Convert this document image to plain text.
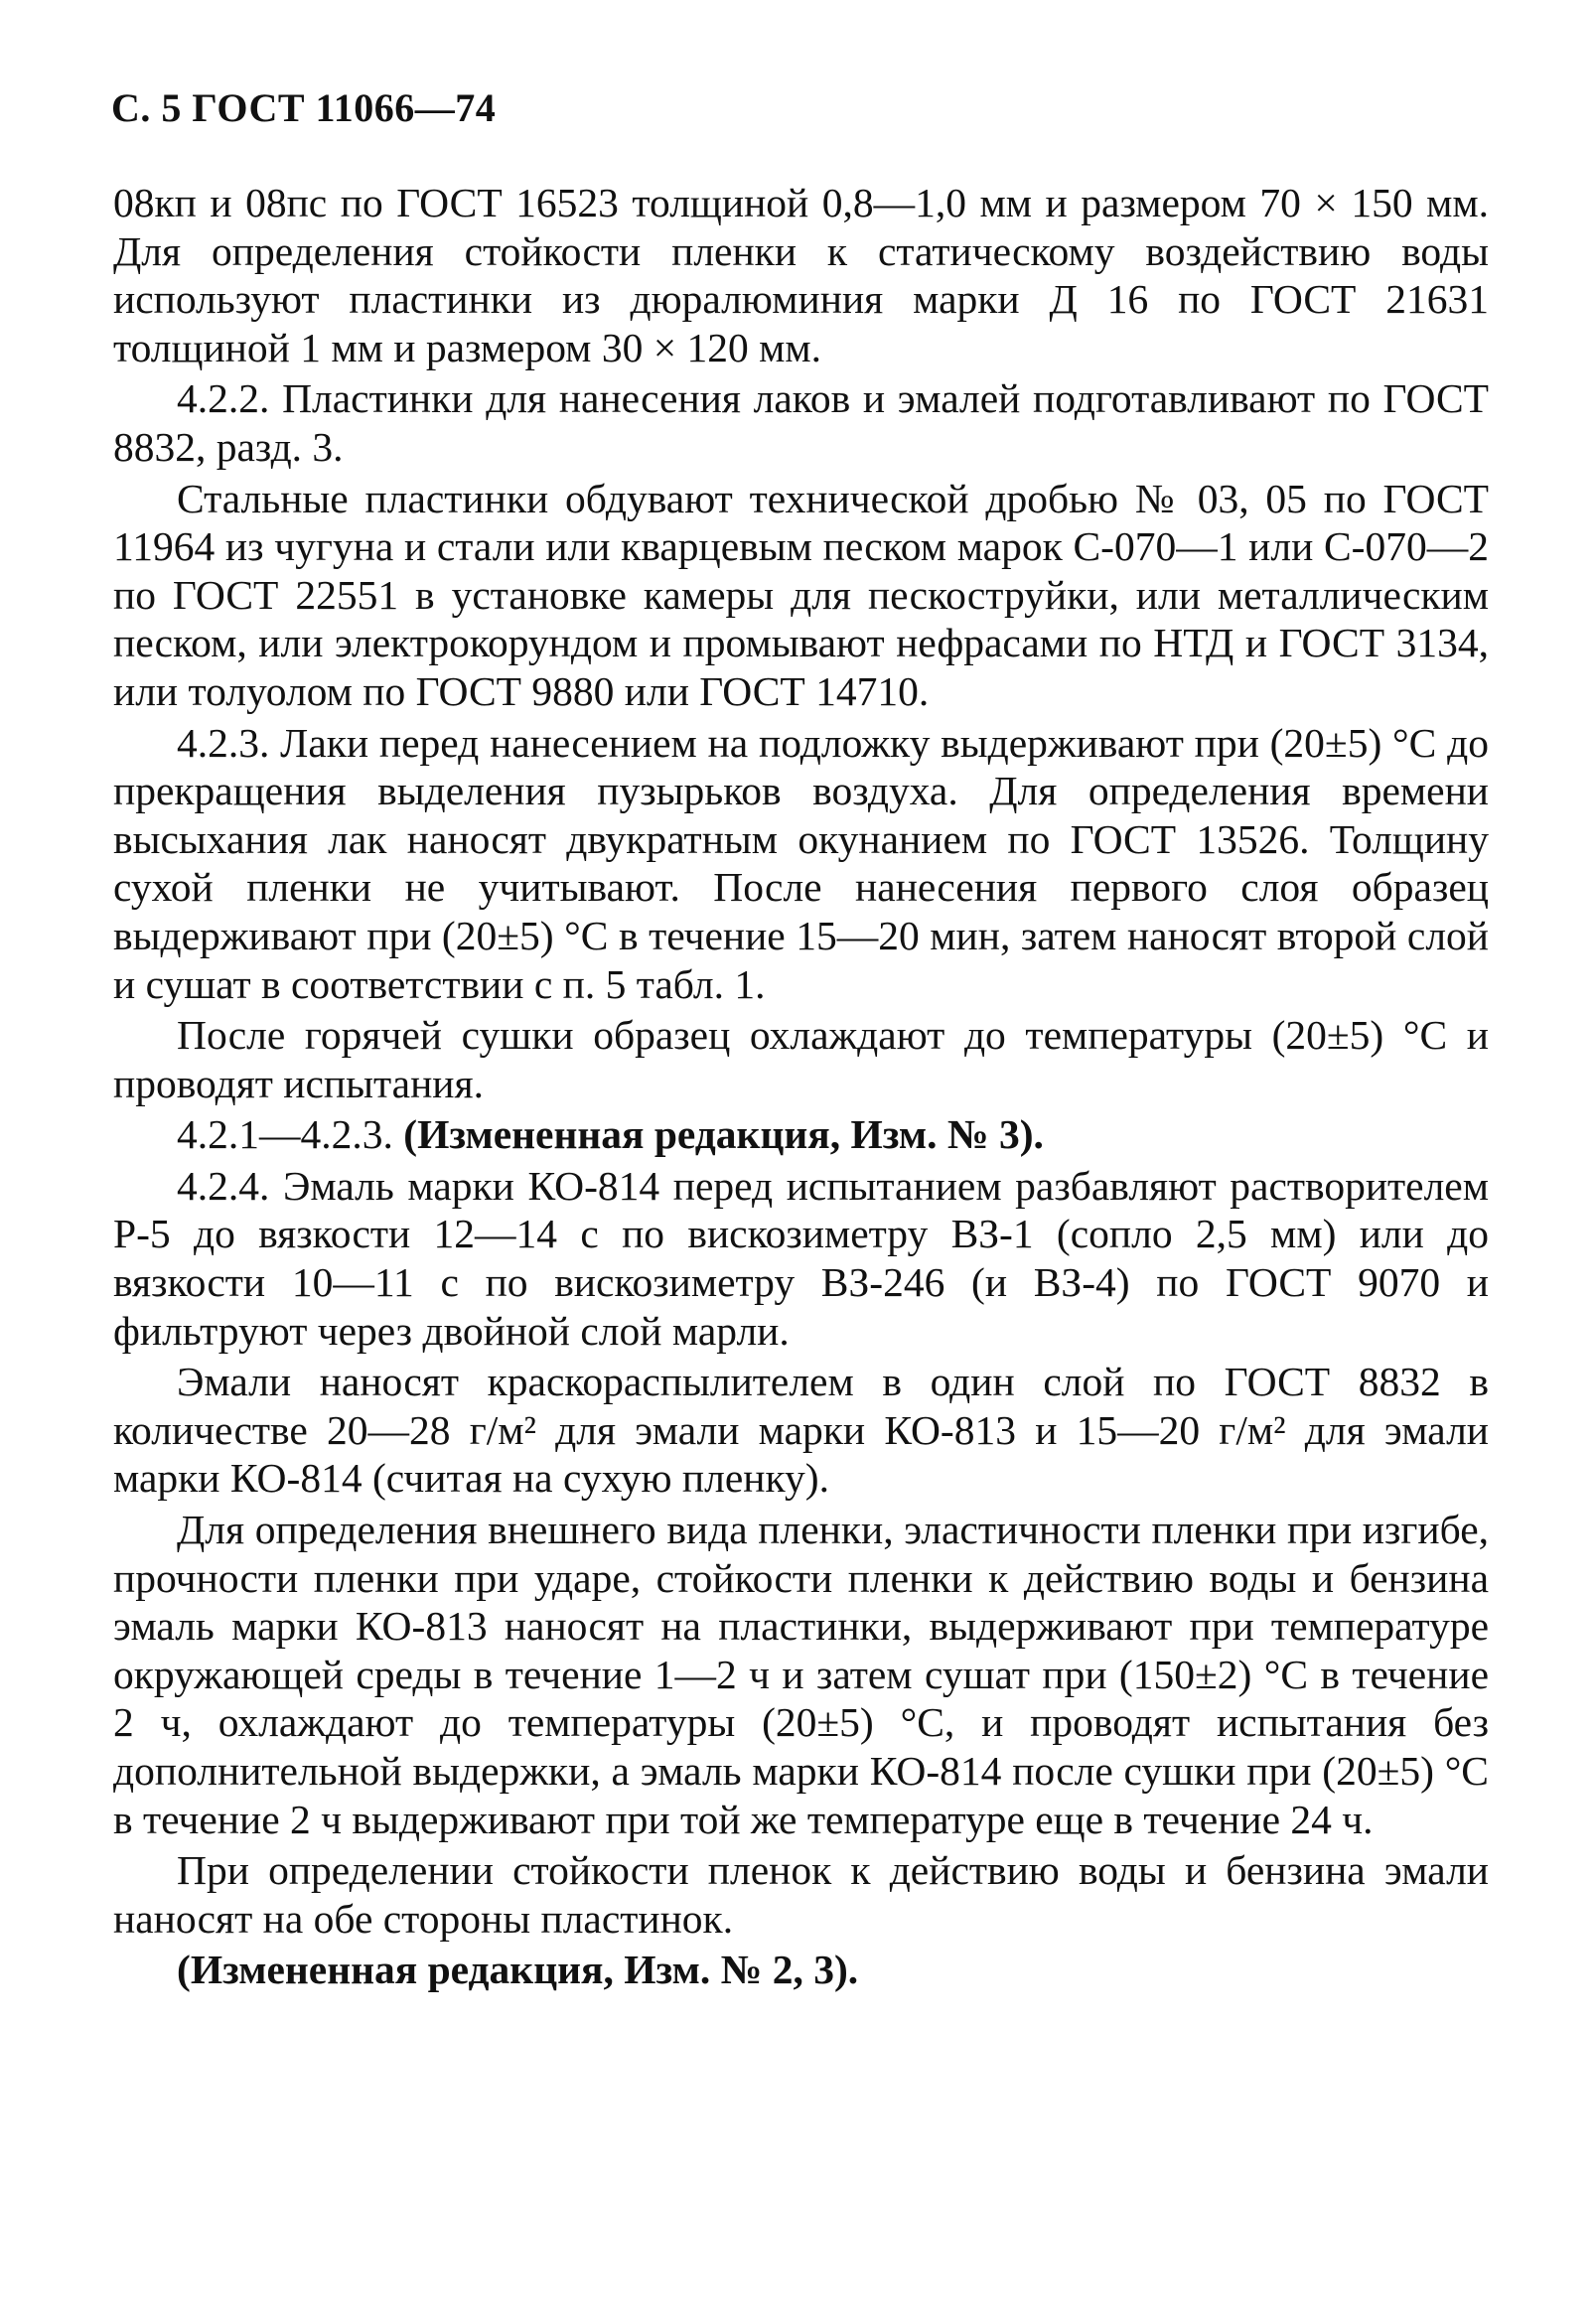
С. 5 ГОСТ 11066—74

08кп и 08пс по ГОСТ 16523 толщиной 0,8—1,0 мм и размером 70 × 150 мм. Для определения стойкости пленки к статическому воздействию воды используют пластинки из дюралюминия марки Д 16 по ГОСТ 21631 толщиной 1 мм и размером 30 × 120 мм.

4.2.2. Пластинки для нанесения лаков и эмалей подготавливают по ГОСТ 8832, разд. 3.

Стальные пластинки обдувают технической дробью № 03, 05 по ГОСТ 11964 из чугуна и стали или кварцевым песком марок С-070—1 или С-070—2 по ГОСТ 22551 в установке камеры для пескоструйки, или металлическим песком, или электрокорундом и промывают нефрасами по НТД и ГОСТ 3134, или толуолом по ГОСТ 9880 или ГОСТ 14710.

4.2.3. Лаки перед нанесением на подложку выдерживают при (20±5) °С до прекращения выделения пузырьков воздуха. Для определения времени высыхания лак наносят двукратным окунанием по ГОСТ 13526. Толщину сухой пленки не учитывают. После нанесения первого слоя образец выдерживают при (20±5) °С в течение 15—20 мин, затем наносят второй слой и сушат в соответствии с п. 5 табл. 1.

После горячей сушки образец охлаждают до температуры (20±5) °С и проводят испытания.

4.2.1—4.2.3. (Измененная редакция, Изм. № 3).

4.2.4. Эмаль марки КО-814 перед испытанием разбавляют растворителем Р-5 до вязкости 12—14 с по вискозиметру ВЗ-1 (сопло 2,5 мм) или до вязкости 10—11 с по вискозиметру ВЗ-246 (и ВЗ-4) по ГОСТ 9070 и фильтруют через двойной слой марли.

Эмали наносят краскораспылителем в один слой по ГОСТ 8832 в количестве 20—28 г/м² для эмали марки КО-813 и 15—20 г/м² для эмали марки КО-814 (считая на сухую пленку).

Для определения внешнего вида пленки, эластичности пленки при изгибе, прочности пленки при ударе, стойкости пленки к действию воды и бензина эмаль марки КО-813 наносят на пластинки, выдерживают при температуре окружающей среды в течение 1—2 ч и затем сушат при (150±2) °С в течение 2 ч, охлаждают до температуры (20±5) °С, и проводят испытания без дополнительной выдержки, а эмаль марки КО-814 после сушки при (20±5) °С в течение 2 ч выдерживают при той же температуре еще в течение 24 ч.

При определении стойкости пленок к действию воды и бензина эмали наносят на обе стороны пластинок.

(Измененная редакция, Изм. № 2, 3).
